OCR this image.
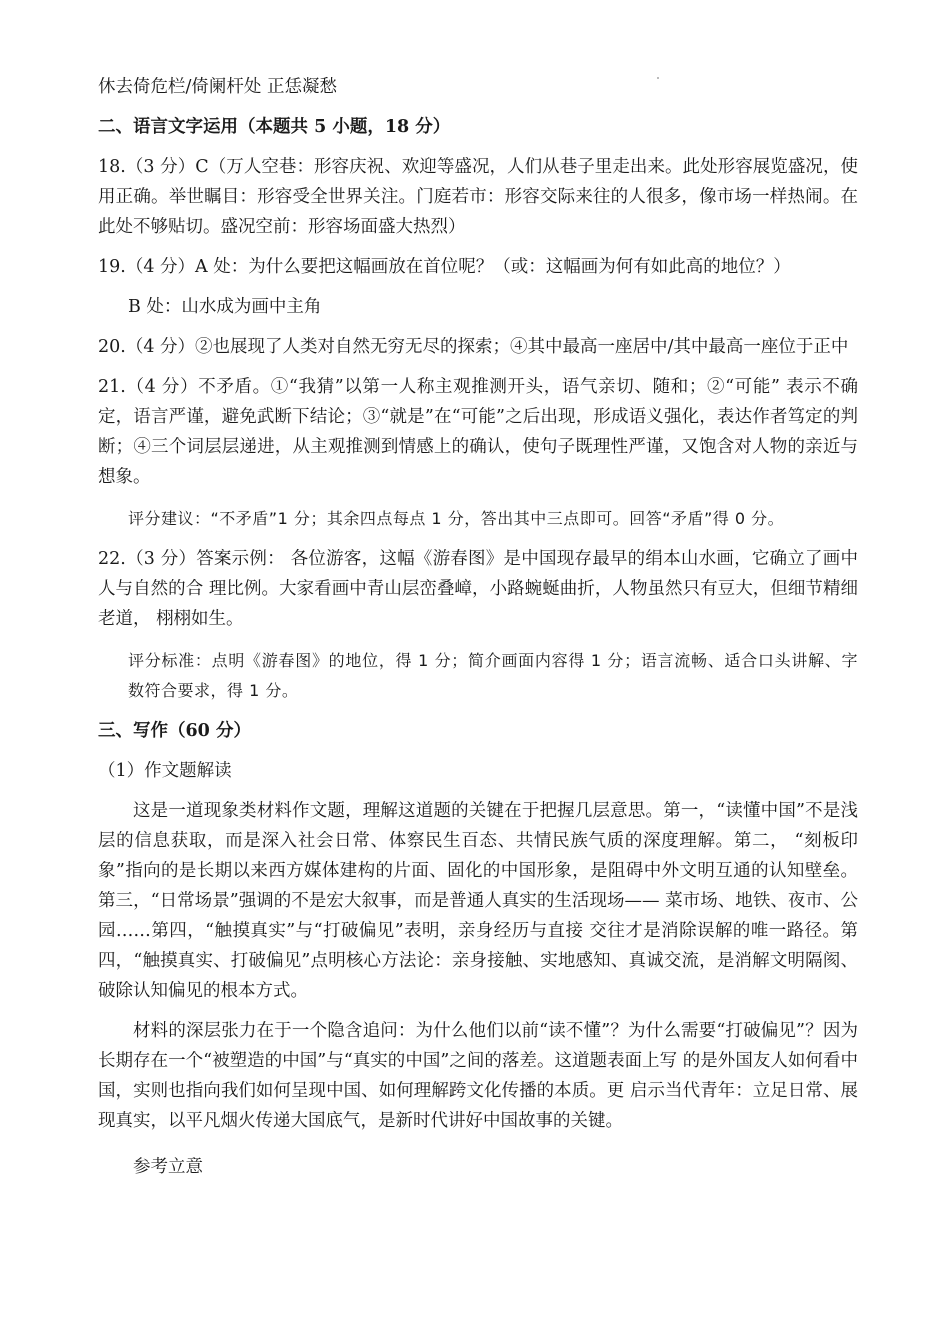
休去倚危栏/倚阑杆处 正恁凝愁

二、语言文字运用（本题共 5 小题，18 分）

18.（3 分）C（万人空巷：形容庆祝、欢迎等盛况，人们从巷子里走出来。此处形容展览盛况，使用正确。举世瞩目：形容受全世界关注。门庭若市：形容交际来往的人很多，像市场一样热闹。在此处不够贴切。盛况空前：形容场面盛大热烈）

19.（4 分）A 处：为什么要把这幅画放在首位呢？（或：这幅画为何有如此高的地位？）

B 处：山水成为画中主角

20.（4 分）②也展现了人类对自然无穷无尽的探索；④其中最高一座居中/其中最高一座位于正中

21.（4 分）不矛盾。①“我猜”以第一人称主观推测开头，语气亲切、随和；②“可能” 表示不确定，语言严谨，避免武断下结论；③“就是”在“可能”之后出现，形成语义强化，表达作者笃定的判断；④三个词层层递进，从主观推测到情感上的确认，使句子既理性严谨，又饱含对人物的亲近与想象。

评分建议：“不矛盾”1 分；其余四点每点 1 分，答出其中三点即可。回答“矛盾”得 0 分。

22.（3 分）答案示例： 各位游客，这幅《游春图》是中国现存最早的绢本山水画，它确立了画中人与自然的合 理比例。大家看画中青山层峦叠嶂，小路蜿蜒曲折，人物虽然只有豆大，但细节精细老道， 栩栩如生。

评分标准：点明《游春图》的地位，得 1 分；简介画面内容得 1 分；语言流畅、适合口头讲解、字数符合要求，得 1 分。

三、写作（60 分）

（1）作文题解读

这是一道现象类材料作文题，理解这道题的关键在于把握几层意思。第一，“读懂中国”不是浅层的信息获取，而是深入社会日常、体察民生百态、共情民族气质的深度理解。第二， “刻板印象”指向的是长期以来西方媒体建构的片面、固化的中国形象，是阻碍中外文明互通的认知壁垒。第三，“日常场景”强调的不是宏大叙事，而是普通人真实的生活现场—— 菜市场、地铁、夜市、公园……第四，“触摸真实”与“打破偏见”表明，亲身经历与直接 交往才是消除误解的唯一路径。第四，“触摸真实、打破偏见”点明核心方法论：亲身接触、实地感知、真诚交流，是消解文明隔阂、破除认知偏见的根本方式。

材料的深层张力在于一个隐含追问：为什么他们以前“读不懂”？为什么需要“打破偏见”？因为长期存在一个“被塑造的中国”与“真实的中国”之间的落差。这道题表面上写 的是外国友人如何看中国，实则也指向我们如何呈现中国、如何理解跨文化传播的本质。更 启示当代青年：立足日常、展现真实，以平凡烟火传递大国底气，是新时代讲好中国故事的关键。

参考立意
